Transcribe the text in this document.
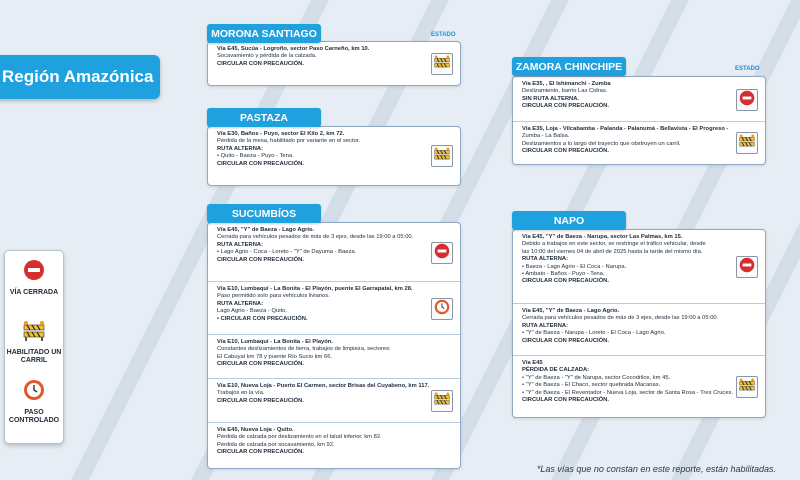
Región Amazónica
VÍA CERRADA
HABILITADO UN CARRIL
PASO CONTROLADO
MORONA SANTIAGO	ESTADO
Vía E45, Sucúa - Logroño, sector Paso Carneño, km 10.
Socavamiento y pérdida de la calzada.
CIRCULAR CON PRECAUCIÓN.
PASTAZA
Vía E30, Baños - Puyo, sector El Kilo 2, km 72.
Pérdida de la mesa, habilitado por variante en el sector.
RUTA ALTERNA:
• Quito - Baeza - Puyo - Tena.
CIRCULAR CON PRECAUCIÓN.
SUCUMBÍOS
Vía E45, "Y" de Baeza - Lago Agrio.
Cerrada para vehículos pesados de más de 3 ejes, desde las 19:00 a 05:00.
RUTA ALTERNA:
• Lago Agrio - Coca - Loreto - "Y" de Dayuma - Baeza.
CIRCULAR CON PRECAUCIÓN.
Vía E10, Lumbaquí - La Bonita - El Playón, puente El Garrapatal, km 28.
Paso permitido solo para vehículos livianos.
RUTA ALTERNA:
Lago Agrio - Baeza - Quito.
• CIRCULAR CON PRECAUCIÓN.
Vía E10, Lumbaquí - La Bonita - El Playón.
Constantes deslizamientos de tierra, trabajos de limpieza, sectores:
El Cabuyal km 78 y puente Río Sucio km 66.
CIRCULAR CON PRECAUCIÓN.
Vía E10, Nueva Loja - Puerto El Carmen, sector Brisas del Cuyabeno, km 117.
Trabajos en la vía.
CIRCULAR CON PRECAUCIÓN.
Vía E45, Nueva Loja - Quito.
Pérdida de calzada por deslizamiento en el talud inferior, km 82.
Pérdida de calzada por socavamiento, km 92.
CIRCULAR CON PRECAUCIÓN.
ZAMORA CHINCHIPE	ESTADO
Vía E35, , El Ishimanchi - Zumba
Deslizamiento, barrio Las Cidras.
SIN RUTA ALTERNA.
CIRCULAR CON PRECAUCIÓN.
Vía E35, Loja - Vilcabamba - Palanda - Palanumá - Bellavista - El Progreso -
Zumba - La Balsa.
Deslizamientos a lo largo del trayecto que obstruyen un carril.
CIRCULAR CON PRECAUCIÓN.
NAPO
Vía E45, "Y" de Baeza - Narupa, sector Las Palmas, km 15.
Debido a trabajos en este sector, se restringe el tráfico vehicular, desde
las 10:00 del viernes 04 de abril de 2025 hasta la tarde del mismo día.
RUTA ALTERNA:
• Baeza - Lago Agrio - El Coca - Narupa.
• Ambato - Baños - Puyo - Tena.
CIRCULAR CON PRECAUCIÓN.
Vía E45, "Y" de Baeza - Lago Agrio.
Cerrada para vehículos pesados de más de 3 ejes, desde las 19:00 a 05:00.
RUTA ALTERNA:
• "Y" de Baeza - Narupa - Loreto - El Coca - Lago Agrio.
CIRCULAR CON PRECAUCIÓN.
Vía E45
PÉRDIDA DE CALZADA:
• "Y" de Baeza - "Y" de Narupa, sector Cocodrilos, km 45.
• "Y" de Baeza - El Chaco, sector quebrada Macanas.
• "Y" de Baeza - El Reventador - Nueva Loja, sector de Santa Rosa - Tres Cruces.
CIRCULAR CON PRECAUCIÓN.
*Las vías que no constan en este reporte, están habilitadas.
